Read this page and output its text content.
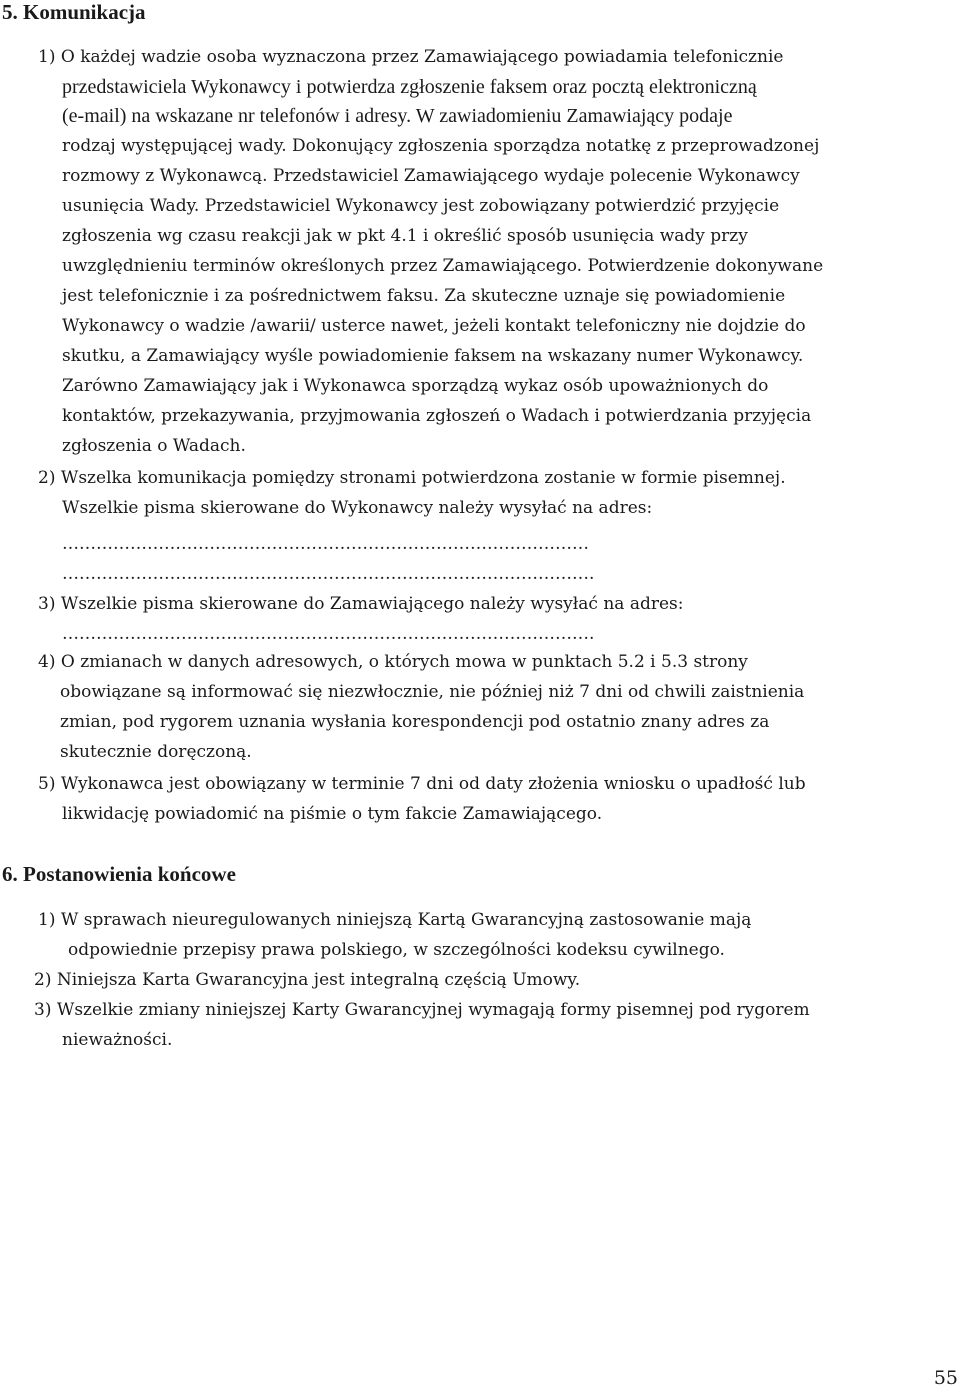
5. Komunikacja

1) O każdej wadzie osoba wyznaczona przez Zamawiającego powiadamia telefonicznie

przedstawiciela Wykonawcy i potwierdza zgłoszenie faksem oraz pocztą elektroniczną

(e-mail) na wskazane nr telefonów i adresy. W zawiadomieniu Zamawiający podaje

rodzaj występującej wady. Dokonujący zgłoszenia sporządza notatkę z przeprowadzonej

rozmowy z Wykonawcą. Przedstawiciel Zamawiającego wydaje polecenie Wykonawcy

usunięcia Wady. Przedstawiciel Wykonawcy jest zobowiązany potwierdzić przyjęcie

zgłoszenia wg czasu reakcji jak w pkt 4.1 i określić sposób usunięcia wady przy

uwzględnieniu terminów określonych przez Zamawiającego. Potwierdzenie dokonywane

jest telefonicznie i za pośrednictwem faksu. Za skuteczne uznaje się powiadomienie

Wykonawcy o wadzie /awarii/ usterce nawet, jeżeli kontakt telefoniczny nie dojdzie do

skutku, a Zamawiający wyśle powiadomienie faksem na wskazany numer Wykonawcy.

Zarówno Zamawiający jak i Wykonawca sporządzą wykaz osób upoważnionych do

kontaktów, przekazywania, przyjmowania zgłoszeń o Wadach i potwierdzania przyjęcia

zgłoszenia o Wadach.

2) Wszelka komunikacja pomiędzy stronami potwierdzona zostanie w formie pisemnej.

Wszelkie pisma skierowane do Wykonawcy należy wysyłać na adres:

…………………………………………………………………………………

………………………………………………………………………………….

3) Wszelkie pisma skierowane do Zamawiającego należy wysyłać na adres:

………………………………………………………………………………….

4) O zmianach w danych adresowych, o których mowa w punktach 5.2 i 5.3 strony

obowiązane są informować się niezwłocznie, nie później niż 7 dni od chwili zaistnienia

zmian, pod rygorem uznania wysłania korespondencji pod ostatnio znany adres za

skutecznie doręczoną.

5) Wykonawca jest obowiązany w terminie 7 dni od daty złożenia wniosku o upadłość lub

likwidację powiadomić na piśmie o tym fakcie Zamawiającego.

6. Postanowienia końcowe

1) W sprawach nieuregulowanych niniejszą Kartą Gwarancyjną zastosowanie mają

odpowiednie przepisy prawa polskiego, w szczególności kodeksu cywilnego.

2) Niniejsza Karta Gwarancyjna jest integralną częścią Umowy.

3) Wszelkie zmiany niniejszej Karty Gwarancyjnej wymagają formy pisemnej pod rygorem

nieważności.

55
